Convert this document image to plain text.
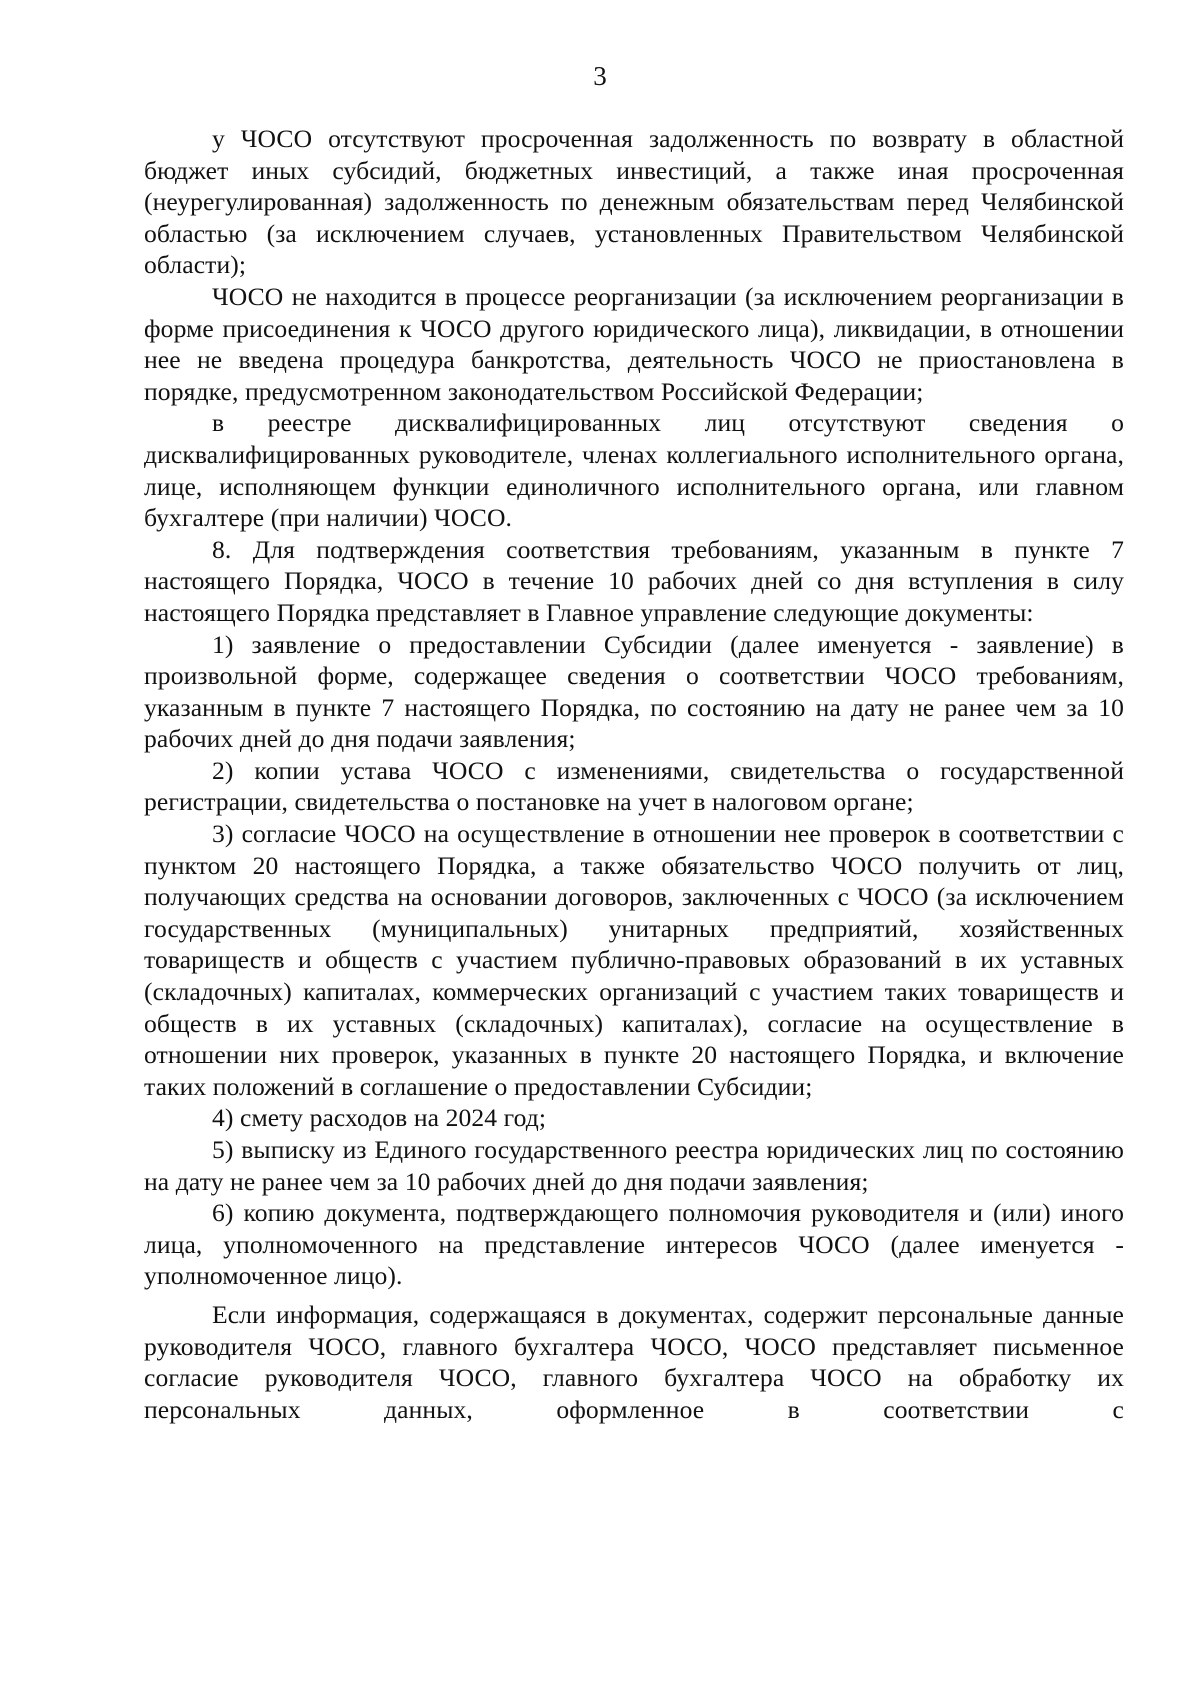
3

у ЧОСО отсутствуют просроченная задолженность по возврату в областной бюджет иных субсидий, бюджетных инвестиций, а также иная просроченная (неурегулированная) задолженность по денежным обязательствам перед Челябинской областью (за исключением случаев, установленных Правительством Челябинской области);

ЧОСО не находится в процессе реорганизации (за исключением реорганизации в форме присоединения к ЧОСО другого юридического лица), ликвидации, в отношении нее не введена процедура банкротства, деятельность ЧОСО не приостановлена в порядке, предусмотренном законодательством Российской Федерации;

в реестре дисквалифицированных лиц отсутствуют сведения о дисквалифицированных руководителе, членах коллегиального исполнительного органа, лице, исполняющем функции единоличного исполнительного органа, или главном бухгалтере (при наличии) ЧОСО.

8. Для подтверждения соответствия требованиям, указанным в пункте 7 настоящего Порядка, ЧОСО в течение 10 рабочих дней со дня вступления в силу настоящего Порядка представляет в Главное управление следующие документы:

1) заявление о предоставлении Субсидии (далее именуется - заявление) в произвольной форме, содержащее сведения о соответствии ЧОСО требованиям, указанным в пункте 7 настоящего Порядка, по состоянию на дату не ранее чем за 10 рабочих дней до дня подачи заявления;

2) копии устава ЧОСО с изменениями, свидетельства о государственной регистрации, свидетельства о постановке на учет в налоговом органе;

3) согласие ЧОСО на осуществление в отношении нее проверок в соответствии с пунктом 20 настоящего Порядка, а также обязательство ЧОСО получить от лиц, получающих средства на основании договоров, заключенных с ЧОСО (за исключением государственных (муниципальных) унитарных предприятий, хозяйственных товариществ и обществ с участием публично-правовых образований в их уставных (складочных) капиталах, коммерческих организаций с участием таких товариществ и обществ в их уставных (складочных) капиталах), согласие на осуществление в отношении них проверок, указанных в пункте 20 настоящего Порядка, и включение таких положений в соглашение о предоставлении Субсидии;

4) смету расходов на 2024 год;

5) выписку из Единого государственного реестра юридических лиц по состоянию на дату не ранее чем за 10 рабочих дней до дня подачи заявления;

6) копию документа, подтверждающего полномочия руководителя и (или) иного лица, уполномоченного на представление интересов ЧОСО (далее именуется - уполномоченное лицо).

Если информация, содержащаяся в документах, содержит персональные данные руководителя ЧОСО, главного бухгалтера ЧОСО, ЧОСО представляет письменное согласие руководителя ЧОСО, главного бухгалтера ЧОСО на обработку их персональных данных, оформленное в соответствии с
